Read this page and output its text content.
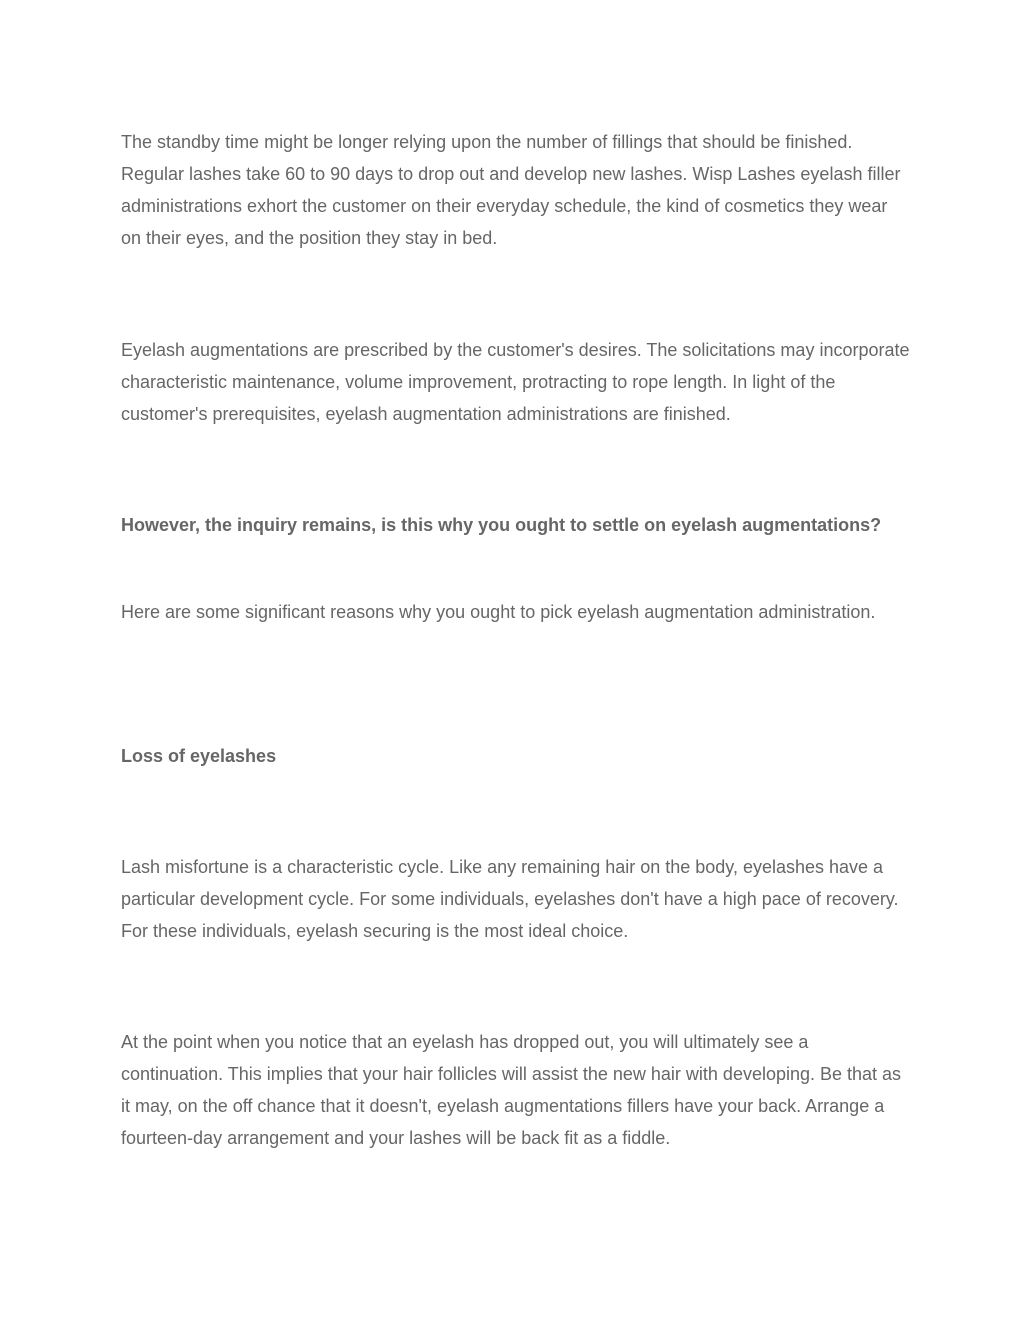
The standby time might be longer relying upon the number of fillings that should be finished. Regular lashes take 60 to 90 days to drop out and develop new lashes. Wisp Lashes eyelash filler administrations exhort the customer on their everyday schedule, the kind of cosmetics they wear on their eyes, and the position they stay in bed.

Eyelash augmentations are prescribed by the customer's desires. The solicitations may incorporate characteristic maintenance, volume improvement, protracting to rope length. In light of the customer's prerequisites, eyelash augmentation administrations are finished.

However, the inquiry remains, is this why you ought to settle on eyelash augmentations?

Here are some significant reasons why you ought to pick eyelash augmentation administration.

Loss of eyelashes

Lash misfortune is a characteristic cycle. Like any remaining hair on the body, eyelashes have a particular development cycle. For some individuals, eyelashes don't have a high pace of recovery. For these individuals, eyelash securing is the most ideal choice.

At the point when you notice that an eyelash has dropped out, you will ultimately see a continuation. This implies that your hair follicles will assist the new hair with developing. Be that as it may, on the off chance that it doesn't, eyelash augmentations fillers have your back. Arrange a fourteen-day arrangement and your lashes will be back fit as a fiddle.
